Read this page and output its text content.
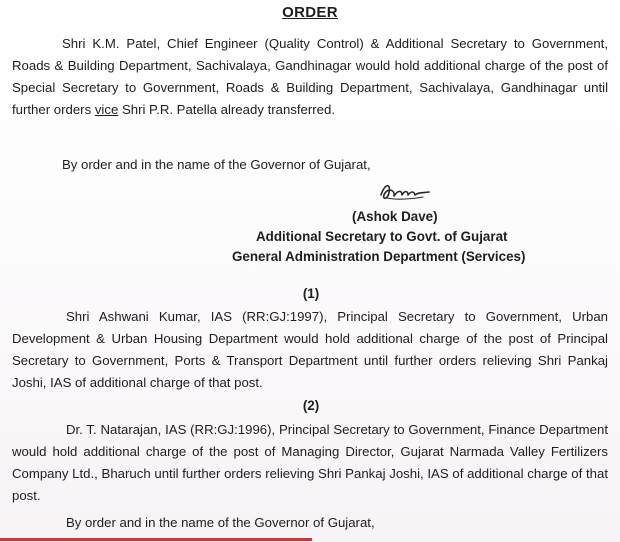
ORDER

Shri K.M. Patel, Chief Engineer (Quality Control) & Additional Secretary to Government, Roads & Building Department, Sachivalaya, Gandhinagar would hold additional charge of the post of Special Secretary to Government, Roads & Building Department, Sachivalaya, Gandhinagar until further orders vice Shri P.R. Patella already transferred.

By order and in the name of the Governor of Gujarat,
(Ashok Dave)
Additional Secretary to Govt. of Gujarat
General Administration Department (Services)
(1)

Shri Ashwani Kumar, IAS (RR:GJ:1997), Principal Secretary to Government, Urban Development & Urban Housing Department would hold additional charge of the post of Principal Secretary to Government, Ports & Transport Department until further orders relieving Shri Pankaj Joshi, IAS of additional charge of that post.

(2)

Dr. T. Natarajan, IAS (RR:GJ:1996), Principal Secretary to Government, Finance Department would hold additional charge of the post of Managing Director, Gujarat Narmada Valley Fertilizers Company Ltd., Bharuch until further orders relieving Shri Pankaj Joshi, IAS of additional charge of that post.

By order and in the name of the Governor of Gujarat,
